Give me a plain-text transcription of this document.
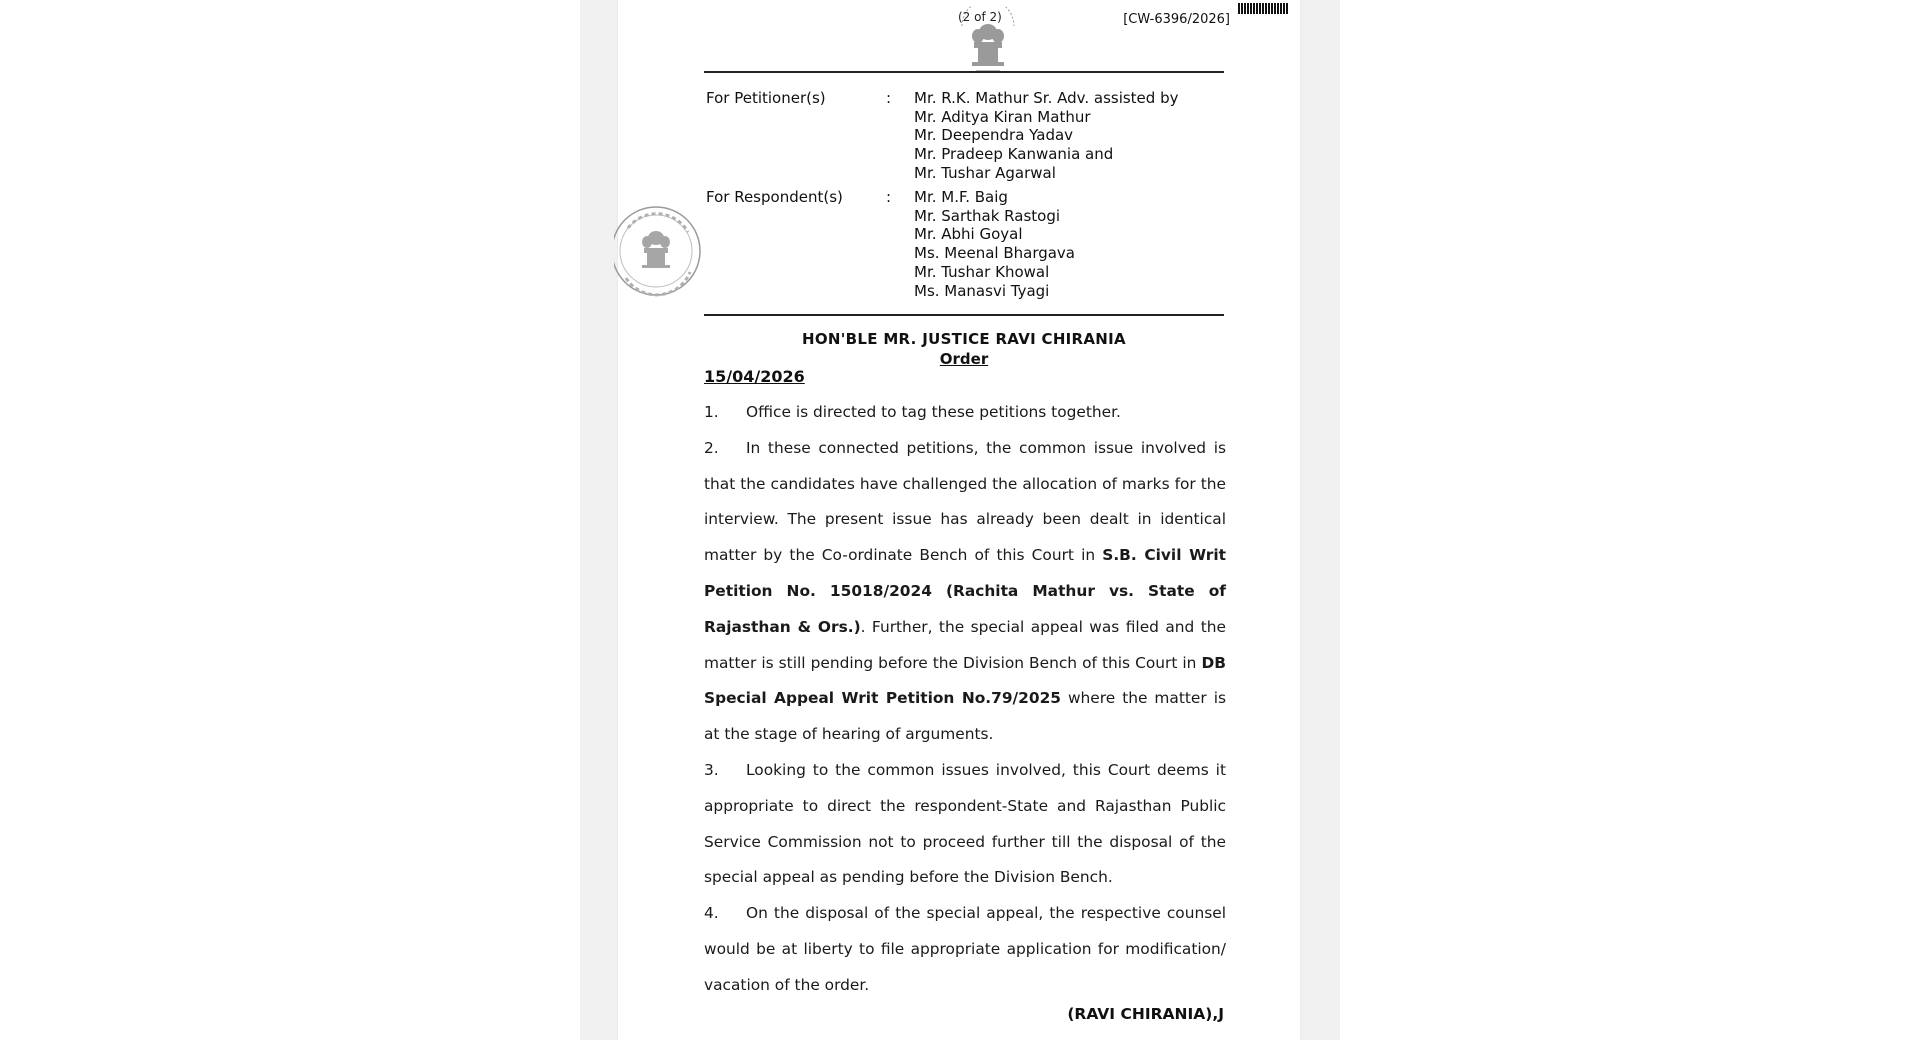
(2 of 2)	[CW-6396/2026]
For Petitioner(s)	: Mr. R.K. Mathur Sr. Adv. assisted by
Mr. Aditya Kiran Mathur
Mr. Deependra Yadav
Mr. Pradeep Kanwania and
Mr. Tushar Agarwal
For Respondent(s)	: Mr. M.F. Baig
Mr. Sarthak Rastogi
Mr. Abhi Goyal
Ms. Meenal Bhargava
Mr. Tushar Khowal
Ms. Manasvi Tyagi
HON'BLE MR. JUSTICE RAVI CHIRANIA
Order
15/04/2026

1. Office is directed to tag these petitions together.

2. In these connected petitions, the common issue involved is that the candidates have challenged the allocation of marks for the interview. The present issue has already been dealt in identical matter by the Co-ordinate Bench of this Court in S.B. Civil Writ Petition No. 15018/2024 (Rachita Mathur vs. State of Rajasthan & Ors.). Further, the special appeal was filed and the matter is still pending before the Division Bench of this Court in DB Special Appeal Writ Petition No.79/2025 where the matter is at the stage of hearing of arguments.

3. Looking to the common issues involved, this Court deems it appropriate to direct the respondent-State and Rajasthan Public Service Commission not to proceed further till the disposal of the special appeal as pending before the Division Bench.

4. On the disposal of the special appeal, the respective counsel would be at liberty to file appropriate application for modification/ vacation of the order.

(RAVI CHIRANIA),J
